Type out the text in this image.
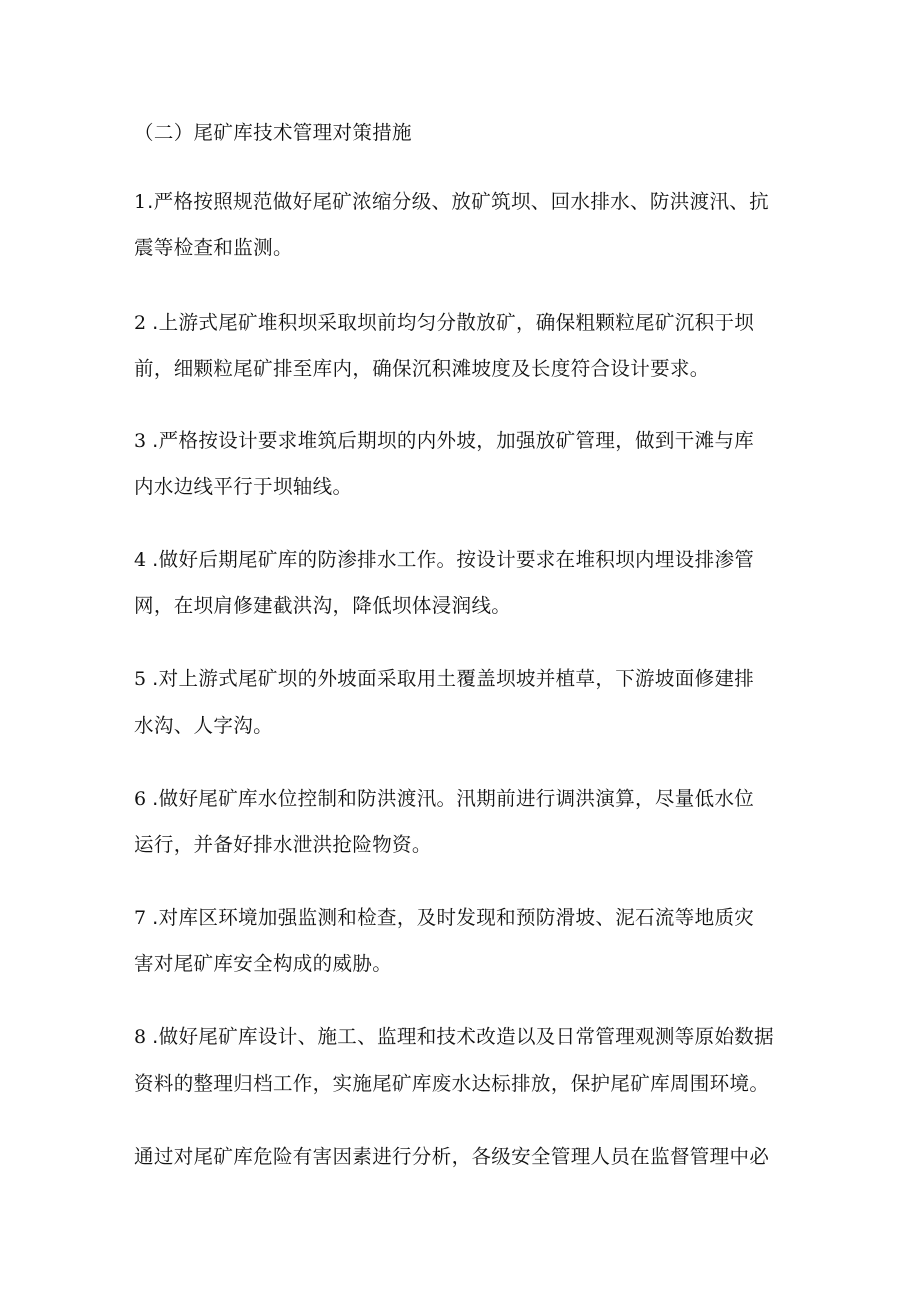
（二）尾矿库技术管理对策措施

1.严格按照规范做好尾矿浓缩分级、放矿筑坝、回水排水、防洪渡汛、抗

震等检查和监测。

2 .上游式尾矿堆积坝采取坝前均匀分散放矿，确保粗颗粒尾矿沉积于坝

前，细颗粒尾矿排至库内，确保沉积滩坡度及长度符合设计要求。

3 .严格按设计要求堆筑后期坝的内外坡，加强放矿管理，做到干滩与库

内水边线平行于坝轴线。

4 .做好后期尾矿库的防渗排水工作。按设计要求在堆积坝内埋设排渗管

网，在坝肩修建截洪沟，降低坝体浸润线。

5 .对上游式尾矿坝的外坡面采取用土覆盖坝坡并植草，下游坡面修建排

水沟、人字沟。

6 .做好尾矿库水位控制和防洪渡汛。汛期前进行调洪演算，尽量低水位

运行，并备好排水泄洪抢险物资。

7 .对库区环境加强监测和检查，及时发现和预防滑坡、泥石流等地质灾

害对尾矿库安全构成的威胁。

8 .做好尾矿库设计、施工、监理和技术改造以及日常管理观测等原始数据

资料的整理归档工作，实施尾矿库废水达标排放，保护尾矿库周围环境。

通过对尾矿库危险有害因素进行分析，各级安全管理人员在监督管理中必
